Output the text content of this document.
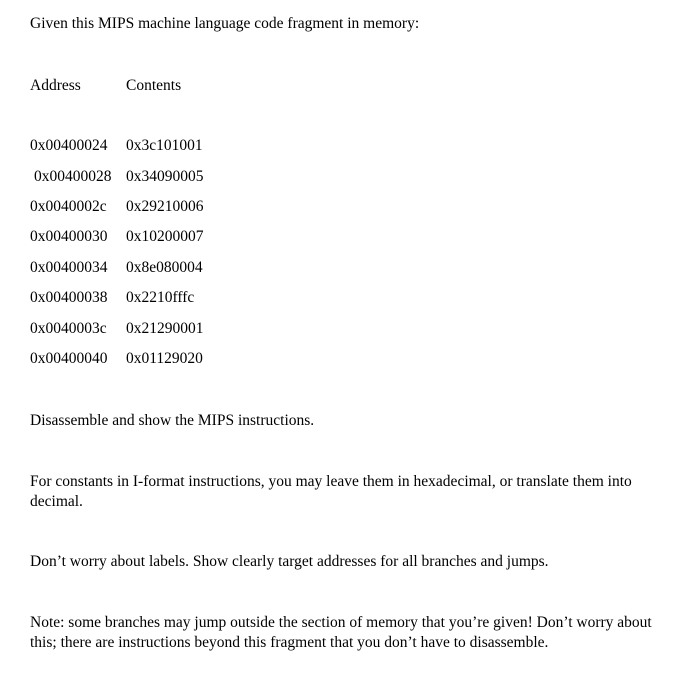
Given this MIPS machine language code fragment in memory:

Address	Contents
0x00400024 0x3c101001
0x00400028 0x34090005
0x0040002c 0x29210006
0x00400030 0x10200007
0x00400034 0x8e080004
0x00400038 0x2210fffc
0x0040003c 0x21290001
0x00400040 0x01129020

Disassemble and show the MIPS instructions.

For constants in I-format instructions, you may leave them in hexadecimal, or translate them into decimal.

Don’t worry about labels. Show clearly target addresses for all branches and jumps.

Note: some branches may jump outside the section of memory that you’re given! Don’t worry about this; there are instructions beyond this fragment that you don’t have to disassemble.
